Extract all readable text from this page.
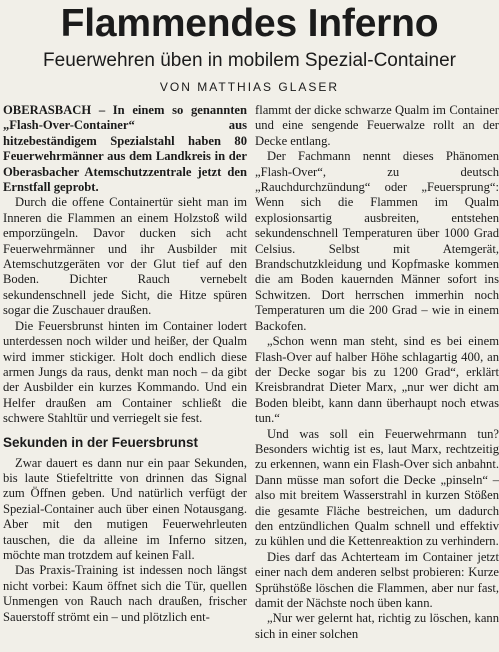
Flammendes Inferno
Feuerwehren üben in mobilem Spezial-Container
VON MATTHIAS GLASER

OBERASBACH – In einem so genannten „Flash-Over-Container“ aus hitzebeständigem Spezialstahl haben 80 Feuerwehrmänner aus dem Landkreis in der Oberasbacher Atemschutzzentrale jetzt den Ernstfall geprobt.

Durch die offene Containertür sieht man im Inneren die Flammen an einem Holzstoß wild emporzüngeln. Davor ducken sich acht Feuerwehrmänner und ihr Ausbilder mit Atemschutzgeräten vor der Glut tief auf den Boden. Dichter Rauch vernebelt sekundenschnell jede Sicht, die Hitze spüren sogar die Zuschauer draußen.

Die Feuersbrunst hinten im Container lodert unterdessen noch wilder und heißer, der Qualm wird immer stickiger. Holt doch endlich diese armen Jungs da raus, denkt man noch – da gibt der Ausbilder ein kurzes Kommando. Und ein Helfer draußen am Container schließt die schwere Stahltür und verriegelt sie fest.

Sekunden in der Feuersbrunst

Zwar dauert es dann nur ein paar Sekunden, bis laute Stiefeltritte von drinnen das Signal zum Öffnen geben. Und natürlich verfügt der Spezial-Container auch über einen Notausgang. Aber mit den mutigen Feuerwehrleuten tauschen, die da alleine im Inferno sitzen, möchte man trotzdem auf keinen Fall.

Das Praxis-Training ist indessen noch längst nicht vorbei: Kaum öffnet sich die Tür, quellen Unmengen von Rauch nach draußen, frischer Sauerstoff strömt ein – und plötzlich ent-

flammt der dicke schwarze Qualm im Container und eine sengende Feuerwalze rollt an der Decke entlang.

Der Fachmann nennt dieses Phänomen „Flash-Over“, zu deutsch „Rauchdurchzündung“ oder „Feuersprung“: Wenn sich die Flammen im Qualm explosionsartig ausbreiten, entstehen sekundenschnell Temperaturen über 1000 Grad Celsius. Selbst mit Atemgerät, Brandschutzkleidung und Kopfmaske kommen die am Boden kauernden Männer sofort ins Schwitzen. Dort herrschen immerhin noch Temperaturen um die 200 Grad – wie in einem Backofen.

„Schon wenn man steht, sind es bei einem Flash-Over auf halber Höhe schlagartig 400, an der Decke sogar bis zu 1200 Grad“, erklärt Kreisbrandrat Dieter Marx, „nur wer dicht am Boden bleibt, kann dann überhaupt noch etwas tun.“

Und was soll ein Feuerwehrmann tun? Besonders wichtig ist es, laut Marx, rechtzeitig zu erkennen, wann ein Flash-Over sich anbahnt. Dann müsse man sofort die Decke „pinseln“ – also mit breitem Wasserstrahl in kurzen Stößen die gesamte Fläche bestreichen, um dadurch den entzündlichen Qualm schnell und effektiv zu kühlen und die Kettenreaktion zu verhindern.

Dies darf das Achterteam im Container jetzt einer nach dem anderen selbst probieren: Kurze Sprühstöße löschen die Flammen, aber nur fast, damit der Nächste noch üben kann.

„Nur wer gelernt hat, richtig zu löschen, kann sich in einer solchen
